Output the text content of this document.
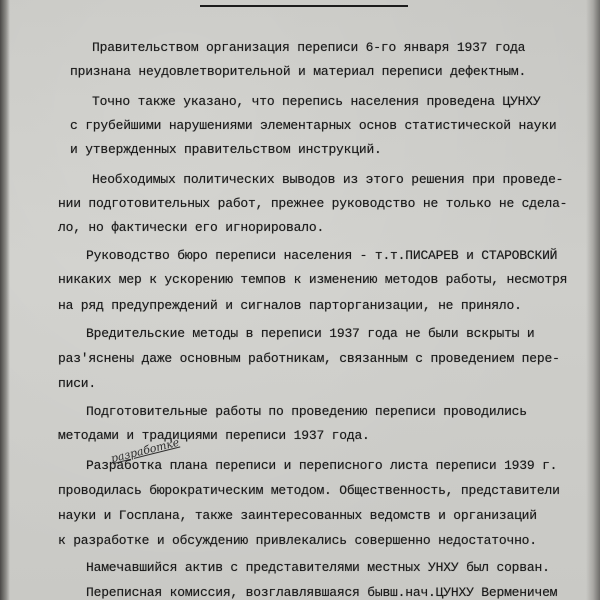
Правительством организация переписи 6-го января 1937 года
признана неудовлетворительной и материал переписи дефектным.
Точно также указано, что перепись населения проведена ЦУНХУ
с грубейшими нарушениями элементарных основ статистической науки
и утвержденных правительством инструкций.
Необходимых политических выводов из этого решения при проведе-
нии подготовительных работ, прежнее руководство не только не сдела-
ло, но фактически его игнорировало.
Руководство бюро переписи населения - т.т.ПИСАРЕВ и СТАРОВСКИЙ
никаких мер к ускорению темпов к изменению методов работы, несмотря
на ряд предупреждений и сигналов парторганизации, не приняло.
Вредительские методы в переписи 1937 года не были вскрыты и
раз'яснены даже основным работникам, связанным с проведением пере-
писи.
Подготовительные работы по проведению переписи проводились
методами и традициями переписи 1937 года.
Разработка плана переписи и переписного листа переписи 1939 г.
проводилась бюрократическим методом. Общественность, представители
науки и Госплана, также заинтересованных ведомств и организаций
к разработке и обсуждению привлекались совершенно недостаточно.
Намечавшийся актив с представителями местных УНХУ был сорван.
Переписная комиссия, возглавлявшаяся бывш.нач.ЦУНХУ Верменичем
разработке
